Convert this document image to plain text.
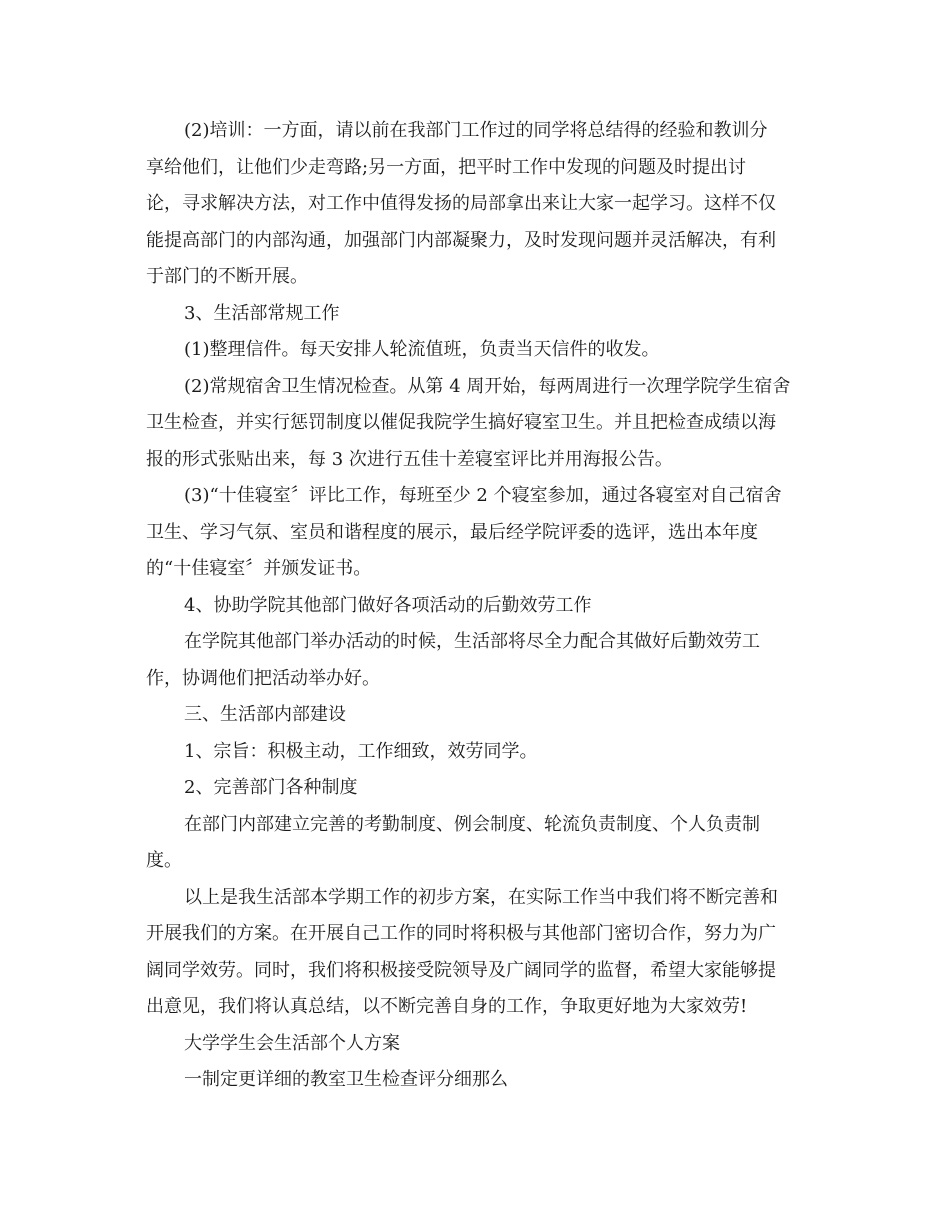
(2)培训：一方面，请以前在我部门工作过的同学将总结得的经验和教训分
享给他们，让他们少走弯路;另一方面，把平时工作中发现的问题及时提出讨
论，寻求解决方法，对工作中值得发扬的局部拿出来让大家一起学习。这样不仅
能提高部门的内部沟通，加强部门内部凝聚力，及时发现问题并灵活解决，有利
于部门的不断开展。
3、生活部常规工作
(1)整理信件。每天安排人轮流值班，负责当天信件的收发。
(2)常规宿舍卫生情况检查。从第 4 周开始，每两周进行一次理学院学生宿舍
卫生检查，并实行惩罚制度以催促我院学生搞好寝室卫生。并且把检查成绩以海
报的形式张贴出来，每 3 次进行五佳十差寝室评比并用海报公告。
(3)“十佳寝室〞评比工作，每班至少 2 个寝室参加，通过各寝室对自己宿舍
卫生、学习气氛、室员和谐程度的展示，最后经学院评委的选评，选出本年度
的“十佳寝室〞并颁发证书。
4、协助学院其他部门做好各项活动的后勤效劳工作
在学院其他部门举办活动的时候，生活部将尽全力配合其做好后勤效劳工
作，协调他们把活动举办好。
三、生活部内部建设
1、宗旨：积极主动，工作细致，效劳同学。
2、完善部门各种制度
在部门内部建立完善的考勤制度、例会制度、轮流负责制度、个人负责制
度。
以上是我生活部本学期工作的初步方案，在实际工作当中我们将不断完善和
开展我们的方案。在开展自己工作的同时将积极与其他部门密切合作，努力为广
阔同学效劳。同时，我们将积极接受院领导及广阔同学的监督，希望大家能够提
出意见，我们将认真总结，以不断完善自身的工作，争取更好地为大家效劳!
大学学生会生活部个人方案
一制定更详细的教室卫生检查评分细那么
